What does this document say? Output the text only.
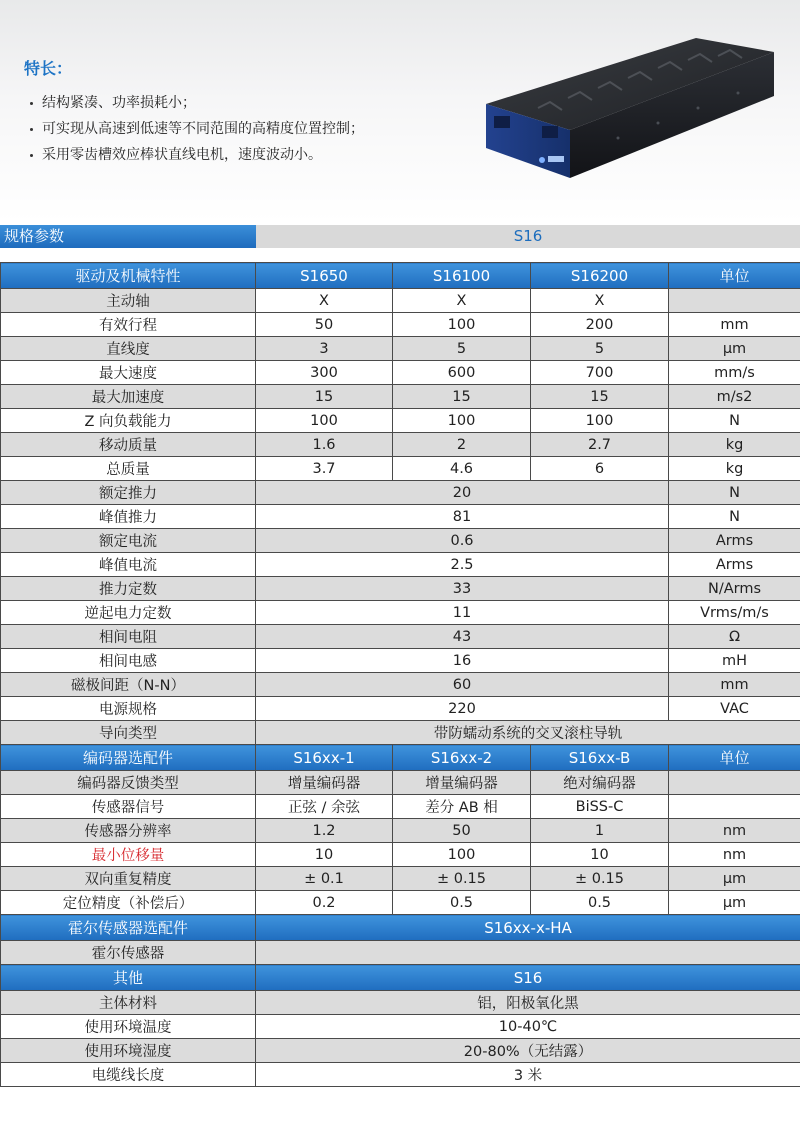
特长：
结构紧凑、功率损耗小；
可实现从高速到低速等不同范围的高精度位置控制；
采用零齿槽效应棒状直线电机，速度波动小。
规格参数	S16
驱动及机械特性	S1650	S16100	S16200	单位
主动轴	X	X	X	
有效行程	50	100	200	mm
直线度	3	5	5	μm
最大速度	300	600	700	mm/s
最大加速度	15	15	15	m/s2
Z 向负载能力	100	100	100	N
移动质量	1.6	2	2.7	kg
总质量	3.7	4.6	6	kg
额定推力	20			N
峰值推力	81			N
额定电流	0.6			Arms
峰值电流	2.5			Arms
推力定数	33			N/Arms
逆起电力定数	11			Vrms/m/s
相间电阻	43			Ω
相间电感	16			mH
磁极间距（N-N）	60			mm
电源规格	220			VAC
导向类型	带防蠕动系统的交叉滚柱导轨			
编码器选配件	S16xx-1	S16xx-2	S16xx-B	单位
编码器反馈类型	增量编码器	增量编码器	绝对编码器	
传感器信号	正弦 / 余弦	差分 AB 相	BiSS-C	
传感器分辨率	1.2	50	1	nm
最小位移量	10	100	10	nm
双向重复精度	± 0.1	± 0.15	± 0.15	μm
定位精度（补偿后）	0.2	0.5	0.5	μm
霍尔传感器选配件	S16xx-x-HA			
霍尔传感器				
其他	S16			
主体材料	铝，阳极氧化黑			
使用环境温度	10-40℃			
使用环境湿度	20-80%（无结露）			
电缆线长度	3 米			
